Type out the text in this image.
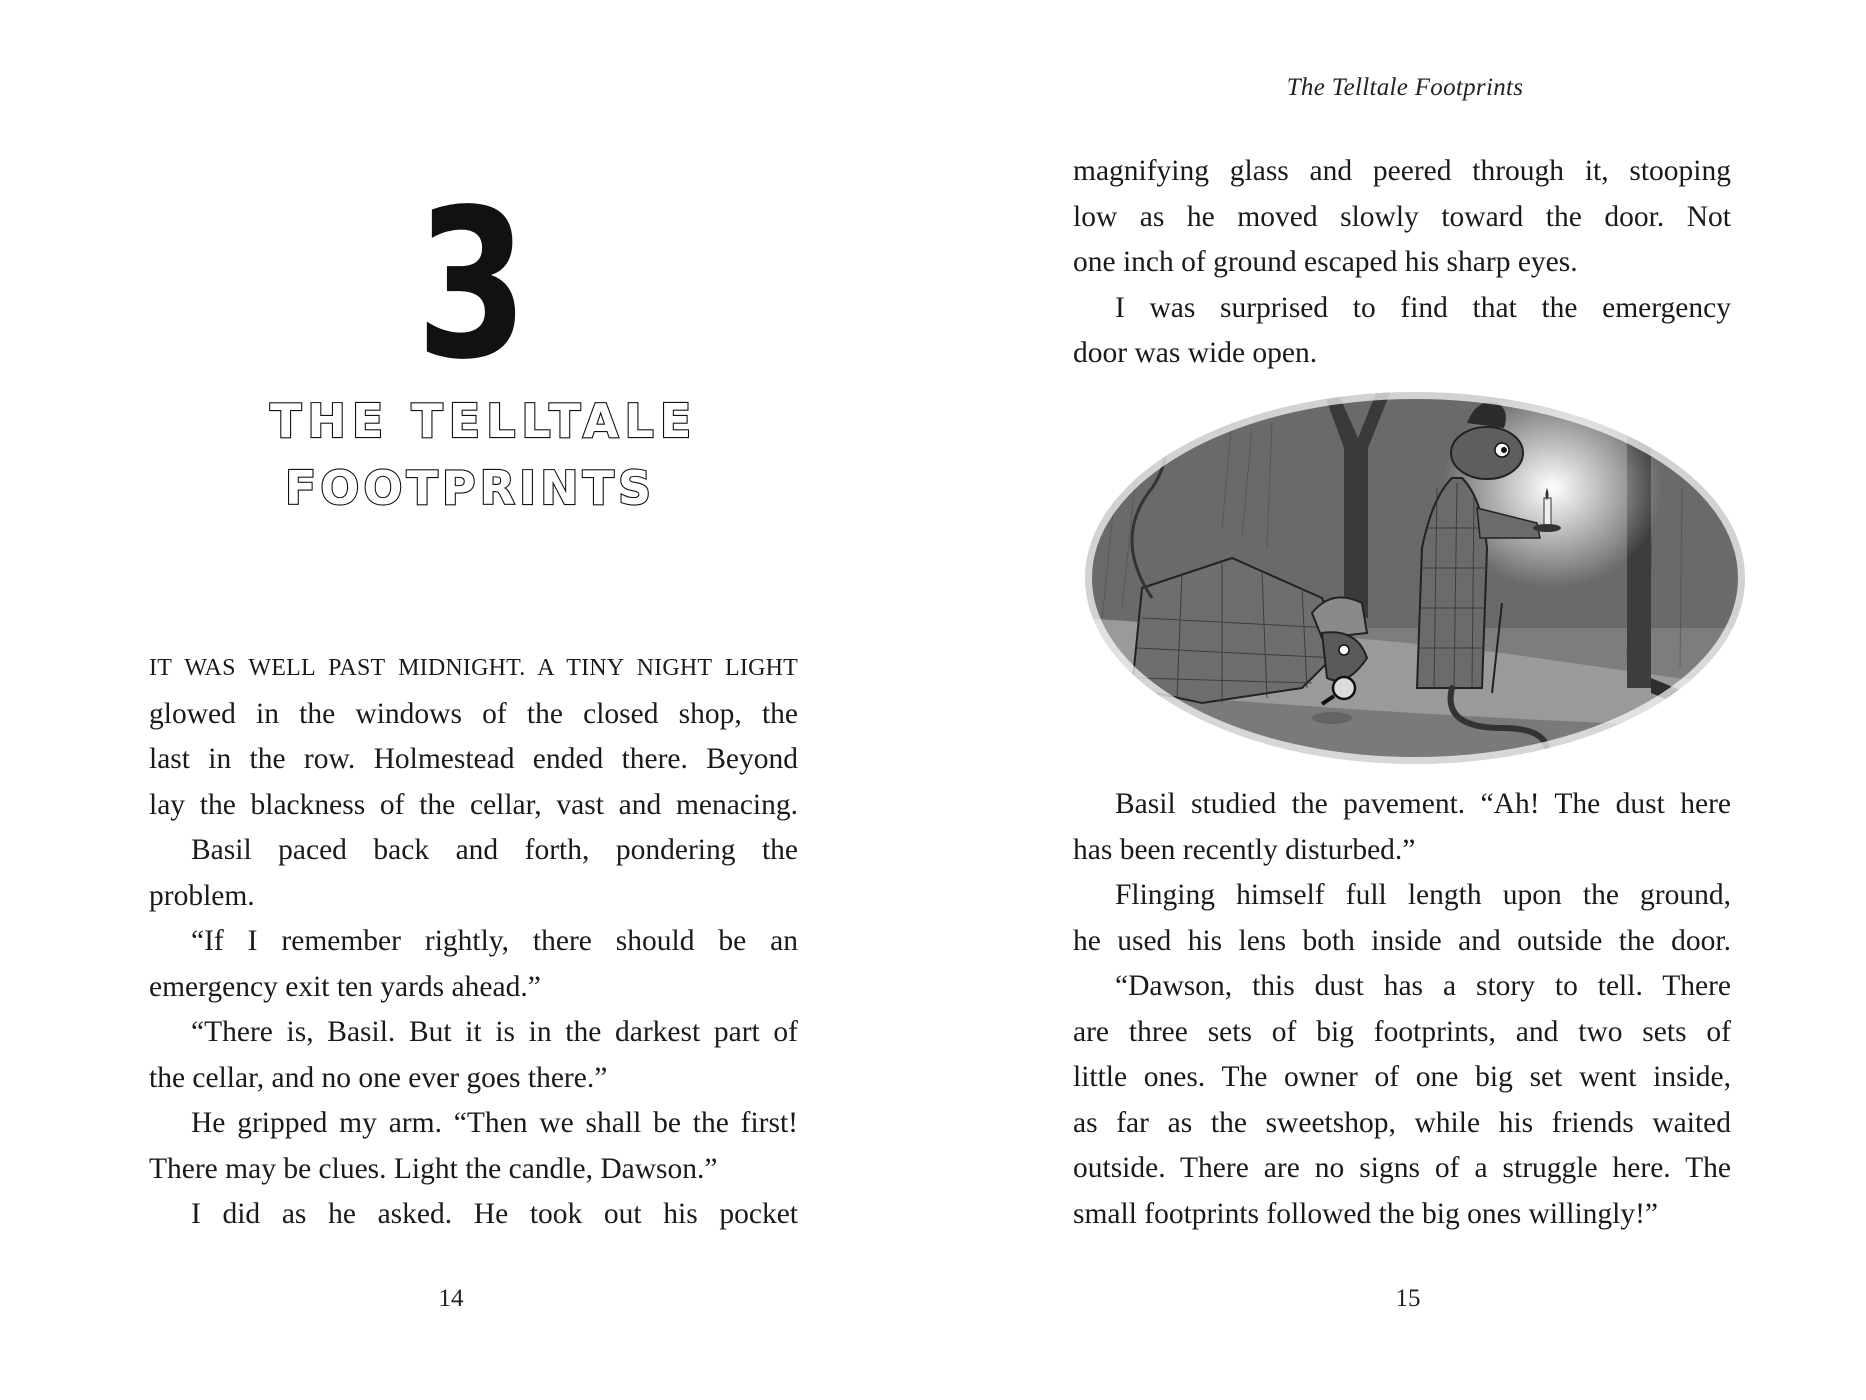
3
THE TELLTALE
FOOTPRINTS
IT WAS WELL PAST MIDNIGHT. A TINY NIGHT LIGHT
glowed in the windows of the closed shop, the
last in the row. Holmestead ended there. Beyond
lay the blackness of the cellar, vast and menacing.
Basil paced back and forth, pondering the
problem.
“If I remember rightly, there should be an
emergency exit ten yards ahead.”
“There is, Basil. But it is in the darkest part of
the cellar, and no one ever goes there.”
He gripped my arm. “Then we shall be the first!
There may be clues. Light the candle, Dawson.”
I did as he asked. He took out his pocket
14
The Telltale Footprints
magnifying glass and peered through it, stooping
low as he moved slowly toward the door. Not
one inch of ground escaped his sharp eyes.
I was surprised to find that the emergency
door was wide open.
Basil studied the pavement. “Ah! The dust here
has been recently disturbed.”
Flinging himself full length upon the ground,
he used his lens both inside and outside the door.
“Dawson, this dust has a story to tell. There
are three sets of big footprints, and two sets of
little ones. The owner of one big set went inside,
as far as the sweetshop, while his friends waited
outside. There are no signs of a struggle here. The
small footprints followed the big ones willingly!”
15
